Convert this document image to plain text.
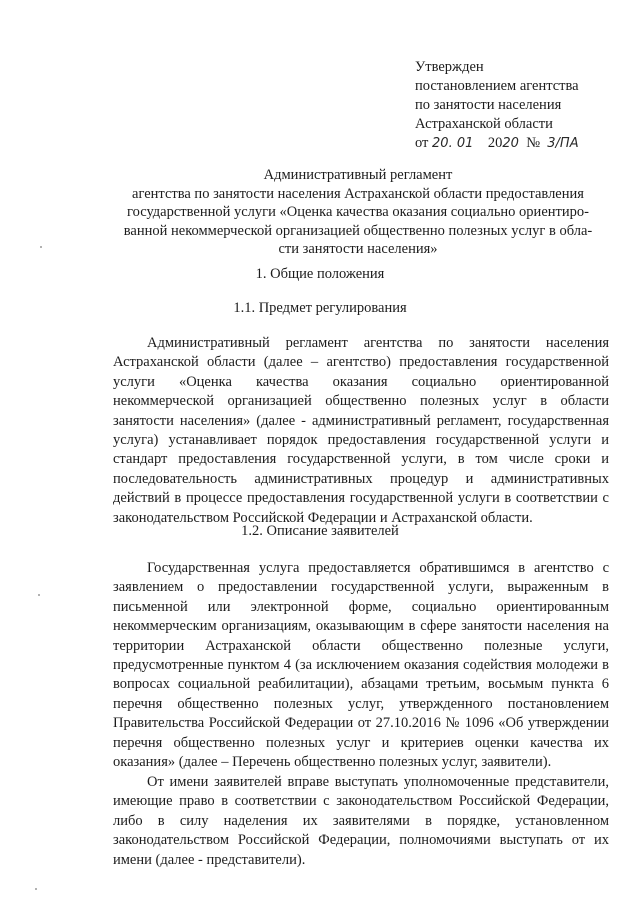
Утвержден
постановлением агентства
по занятости населения
Астраханской области
от 20. 01 2020 № 3/ПА
Административный регламент
агентства по занятости населения Астраханской области предоставления
государственной услуги «Оценка качества оказания социально ориентиро-
ванной некоммерческой организацией общественно полезных услуг в обла-
сти занятости населения»
1. Общие положения
1.1. Предмет регулирования
Административный регламент агентства по занятости населения Астраханской области (далее – агентство) предоставления государственной услуги «Оценка качества оказания социально ориентированной некоммерческой организацией общественно полезных услуг в области занятости населения» (далее - административный регламент, государственная услуга) устанавливает порядок предоставления государственной услуги и стандарт предоставления государственной услуги, в том числе сроки и последовательность административных процедур и административных действий в процессе предоставления государственной услуги в соответствии с законодательством Российской Федерации и Астраханской области.
1.2. Описание заявителей
Государственная услуга предоставляется обратившимся в агентство с заявлением о предоставлении государственной услуги, выраженным в письменной или электронной форме, социально ориентированным некоммерческим организациям, оказывающим в сфере занятости населения на территории Астраханской области общественно полезные услуги, предусмотренные пунктом 4 (за исключением оказания содействия молодежи в вопросах социальной реабилитации), абзацами третьим, восьмым пункта 6 перечня общественно полезных услуг, утвержденного постановлением Правительства Российской Федерации от 27.10.2016 № 1096 «Об утверждении перечня общественно полезных услуг и критериев оценки качества их оказания» (далее – Перечень общественно полезных услуг, заявители).
От имени заявителей вправе выступать уполномоченные представители, имеющие право в соответствии с законодательством Российской Федерации, либо в силу наделения их заявителями в порядке, установленном законодательством Российской Федерации, полномочиями выступать от их имени (далее - представители).
